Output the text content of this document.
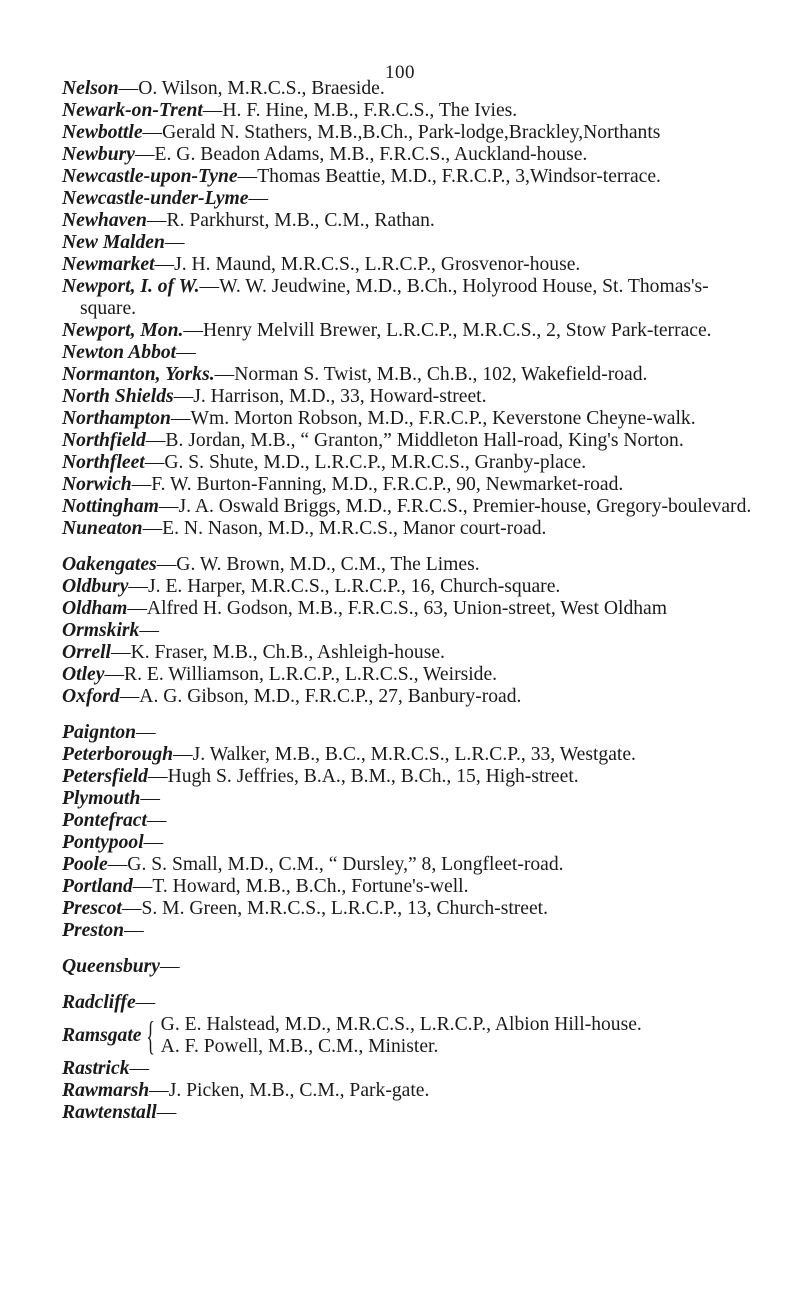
100
Nelson—O. Wilson, M.R.C.S., Braeside.
Newark-on-Trent—H. F. Hine, M.B., F.R.C.S., The Ivies.
Newbottle—Gerald N. Stathers, M.B.,B.Ch., Park-lodge,Brackley,Northants
Newbury—E. G. Beadon Adams, M.B., F.R.C.S., Auckland-house.
Newcastle-upon-Tyne—Thomas Beattie, M.D., F.R.C.P., 3,Windsor-terrace.
Newcastle-under-Lyme—
Newhaven—R. Parkhurst, M.B., C.M., Rathan.
New Malden—
Newmarket—J. H. Maund, M.R.C.S., L.R.C.P., Grosvenor-house.
Newport, I. of W.—W. W. Jeudwine, M.D., B.Ch., Holyrood House, St. Thomas's-square.
Newport, Mon.—Henry Melvill Brewer, L.R.C.P., M.R.C.S., 2, Stow Park-terrace.
Newton Abbot—
Normanton, Yorks.—Norman S. Twist, M.B., Ch.B., 102, Wakefield-road.
North Shields—J. Harrison, M.D., 33, Howard-street.
Northampton—Wm. Morton Robson, M.D., F.R.C.P., Keverstone Cheyne-walk.
Northfield—B. Jordan, M.B., “ Granton,” Middleton Hall-road, King's Norton.
Northfleet—G. S. Shute, M.D., L.R.C.P., M.R.C.S., Granby-place.
Norwich—F. W. Burton-Fanning, M.D., F.R.C.P., 90, Newmarket-road.
Nottingham—J. A. Oswald Briggs, M.D., F.R.C.S., Premier-house, Gregory-boulevard.
Nuneaton—E. N. Nason, M.D., M.R.C.S., Manor court-road.
Oakengates—G. W. Brown, M.D., C.M., The Limes.
Oldbury—J. E. Harper, M.R.C.S., L.R.C.P., 16, Church-square.
Oldham—Alfred H. Godson, M.B., F.R.C.S., 63, Union-street, West Oldham
Ormskirk—
Orrell—K. Fraser, M.B., Ch.B., Ashleigh-house.
Otley—R. E. Williamson, L.R.C.P., L.R.C.S., Weirside.
Oxford—A. G. Gibson, M.D., F.R.C.P., 27, Banbury-road.
Paignton—
Peterborough—J. Walker, M.B., B.C., M.R.C.S., L.R.C.P., 33, Westgate.
Petersfield—Hugh S. Jeffries, B.A., B.M., B.Ch., 15, High-street.
Plymouth—
Pontefract—
Pontypool—
Poole—G. S. Small, M.D., C.M., “ Dursley,” 8, Longfleet-road.
Portland—T. Howard, M.B., B.Ch., Fortune's-well.
Prescot—S. M. Green, M.R.C.S., L.R.C.P., 13, Church-street.
Preston—
Queensbury—
Radcliffe—
Ramsgate { G. E. Halstead, M.D., M.R.C.S., L.R.C.P., Albion Hill-house.
A. F. Powell, M.B., C.M., Minister.
Rastrick—
Rawmarsh—J. Picken, M.B., C.M., Park-gate.
Rawtenstall—
